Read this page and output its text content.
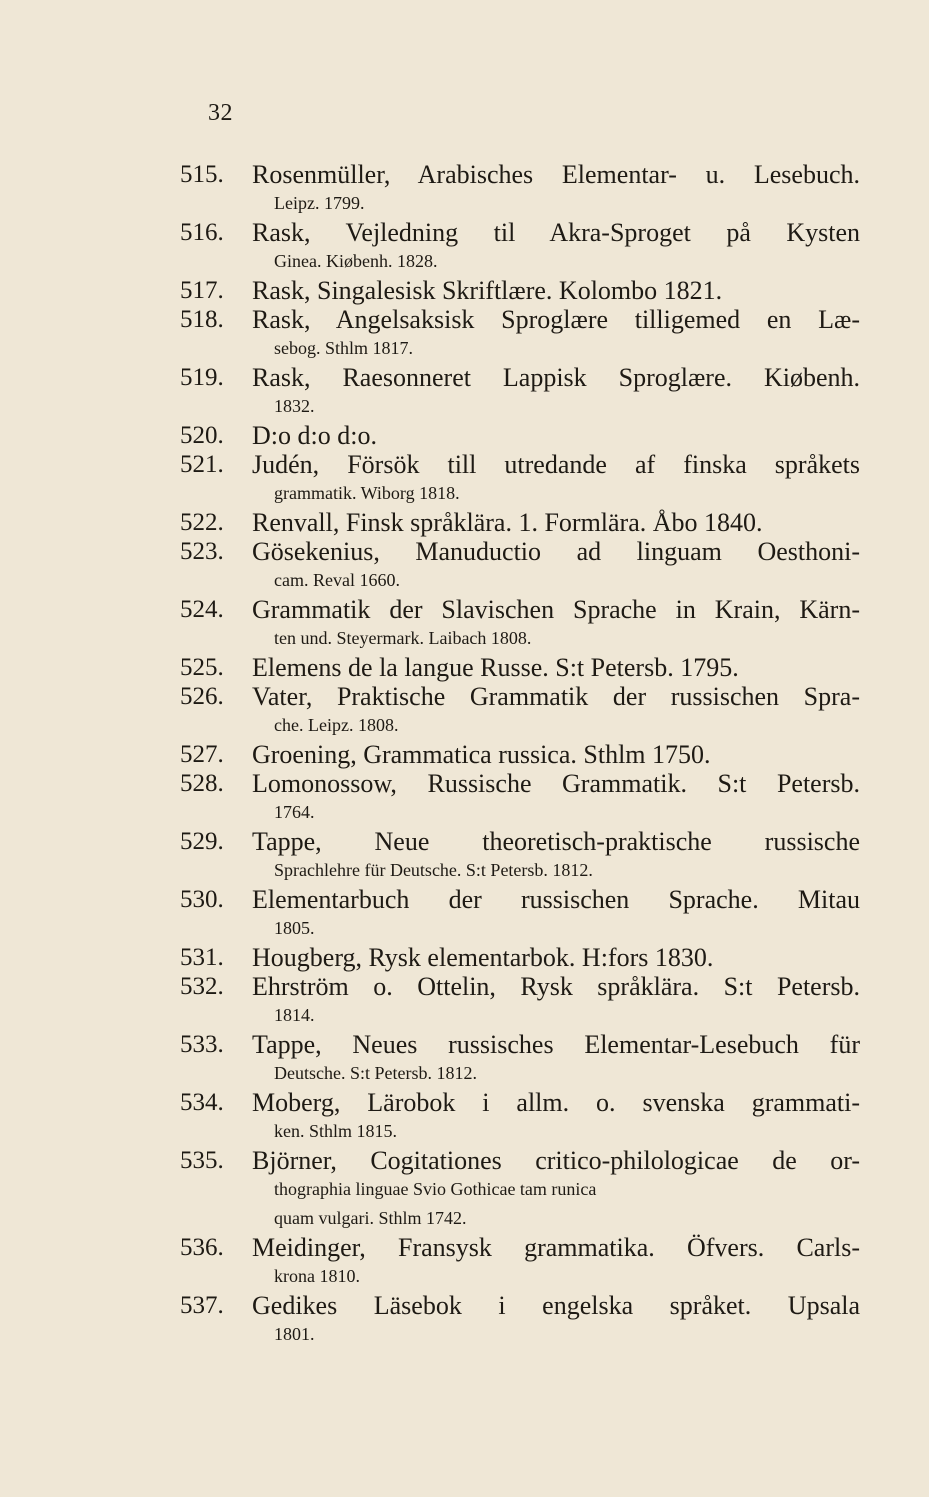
32
515.	Rosenmüller, Arabisches Elementar- u. Lesebuch.
Leipz. 1799.
516.	Rask, Vejledning til Akra-Sproget på Kysten
Ginea. Kiøbenh. 1828.
517.	Rask, Singalesisk Skriftlære. Kolombo 1821.
518.	Rask, Angelsaksisk Sproglære tilligemed en Læ-
sebog. Sthlm 1817.
519.	Rask, Raesonneret Lappisk Sproglære. Kiøbenh.
1832.
520.	D:o d:o d:o.
521.	Judén, Försök till utredande af finska språkets
grammatik. Wiborg 1818.
522.	Renvall, Finsk språklära. 1. Formlära. Åbo 1840.
523.	Gösekenius, Manuductio ad linguam Oesthoni-
cam. Reval 1660.
524.	Grammatik der Slavischen Sprache in Krain, Kärn-
ten und. Steyermark. Laibach 1808.
525.	Elemens de la langue Russe. S:t Petersb. 1795.
526.	Vater, Praktische Grammatik der russischen Spra-
che. Leipz. 1808.
527.	Groening, Grammatica russica. Sthlm 1750.
528.	Lomonossow, Russische Grammatik. S:t Petersb.
1764.
529.	Tappe, Neue theoretisch-praktische russische
Sprachlehre für Deutsche. S:t Petersb. 1812.
530.	Elementarbuch der russischen Sprache. Mitau
1805.
531.	Hougberg, Rysk elementarbok. H:fors 1830.
532.	Ehrström o. Ottelin, Rysk språklära. S:t Petersb.
1814.
533.	Tappe, Neues russisches Elementar-Lesebuch für
Deutsche. S:t Petersb. 1812.
534.	Moberg, Lärobok i allm. o. svenska grammati-
ken. Sthlm 1815.
535.	Björner, Cogitationes critico-philologicae de or-
thographia linguae Svio Gothicae tam runica
quam vulgari. Sthlm 1742.
536.	Meidinger, Fransysk grammatika. Öfvers. Carls-
krona 1810.
537.	Gedikes Läsebok i engelska språket. Upsala
1801.
